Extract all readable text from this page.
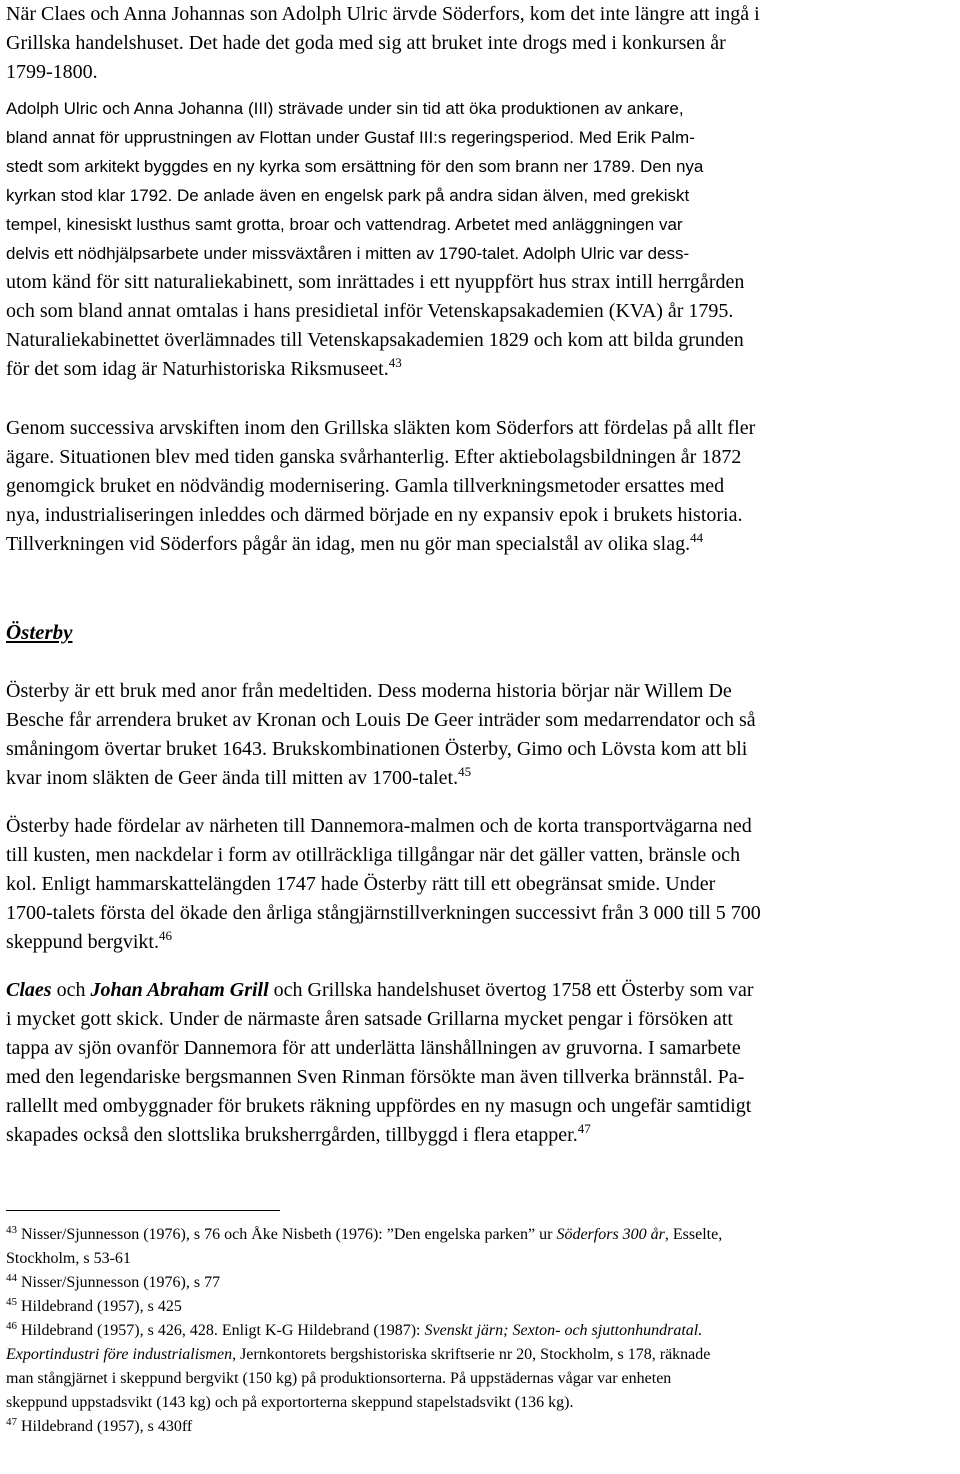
När Claes och Anna Johannas son Adolph Ulric ärvde Söderfors, kom det inte längre att ingå i

Grillska handelshuset. Det hade det goda med sig att bruket inte drogs med i konkursen år

1799-1800.

Adolph Ulric och Anna Johanna (III) strävade under sin tid att öka produktionen av ankare,

bland annat för upprustningen av Flottan under Gustaf III:s regeringsperiod. Med Erik Palm-

stedt som arkitekt byggdes en ny kyrka som ersättning för den som brann ner 1789. Den nya

kyrkan stod klar 1792. De anlade även en engelsk park på andra sidan älven, med grekiskt

tempel, kinesiskt lusthus samt grotta, broar och vattendrag. Arbetet med anläggningen var

delvis ett nödhjälpsarbete under missväxtåren i mitten av 1790-talet. Adolph Ulric var dess-

utom känd för sitt naturaliekabinett, som inrättades i ett nyuppfört hus strax intill herrgården

och som bland annat omtalas i hans presidietal inför Vetenskapsakademien (KVA) år 1795.

Naturaliekabinettet överlämnades till Vetenskapsakademien 1829 och kom att bilda grunden

för det som idag är Naturhistoriska Riksmuseet.$^{43}$

Genom successiva arvskiften inom den Grillska släkten kom Söderfors att fördelas på allt fler

ägare. Situationen blev med tiden ganska svårhanterlig. Efter aktiebolagsbildningen år 1872

genomgick bruket en nödvändig modernisering. Gamla tillverkningsmetoder ersattes med

nya, industrialiseringen inleddes och därmed började en ny expansiv epok i brukets historia.

Tillverkningen vid Söderfors pågår än idag, men nu gör man specialstål av olika slag.$^{44}$

Österby

Österby är ett bruk med anor från medeltiden. Dess moderna historia börjar när Willem De

Besche får arrendera bruket av Kronan och Louis De Geer inträder som medarrendator och så

småningom övertar bruket 1643. Brukskombinationen Österby, Gimo och Lövsta kom att bli

kvar inom släkten de Geer ända till mitten av 1700-talet.$^{45}$

Österby hade fördelar av närheten till Dannemora-malmen och de korta transportvägarna ned

till kusten, men nackdelar i form av otillräckliga tillgångar när det gäller vatten, bränsle och

kol. Enligt hammarskattelängden 1747 hade Österby rätt till ett obegränsat smide. Under

1700-talets första del ökade den årliga stångjärnstillverkningen successivt från 3 000 till 5 700

skeppund bergvikt.$^{46}$

Claes och Johan Abraham Grill och Grillska handelshuset övertog 1758 ett Österby som var

i mycket gott skick. Under de närmaste åren satsade Grillarna mycket pengar i försöken att

tappa av sjön ovanför Dannemora för att underlätta länshållningen av gruvorna. I samarbete

med den legendariske bergsmannen Sven Rinman försökte man även tillverka brännstål. Pa-

rallellt med ombyggnader för brukets räkning uppfördes en ny masugn och ungefär samtidigt

skapades också den slottslika bruksherrgården, tillbyggd i flera etapper.$^{47}$

$^{43}$ Nisser/Sjunnesson (1976), s 76 och Åke Nisbeth (1976): ”Den engelska parken” ur Söderfors 300 år, Esselte,

Stockholm, s 53-61

$^{44}$ Nisser/Sjunnesson (1976), s 77

$^{45}$ Hildebrand (1957), s 425

$^{46}$ Hildebrand (1957), s 426, 428. Enligt K-G Hildebrand (1987): Svenskt järn; Sexton- och sjuttonhundratal.

Exportindustri före industrialismen, Jernkontorets bergshistoriska skriftserie nr 20, Stockholm, s 178, räknade

man stångjärnet i skeppund bergvikt (150 kg) på produktionsorterna. På uppstädernas vågar var enheten

skeppund uppstadsvikt (143 kg) och på exportorterna skeppund stapelstadsvikt (136 kg).

$^{47}$ Hildebrand (1957), s 430ff
